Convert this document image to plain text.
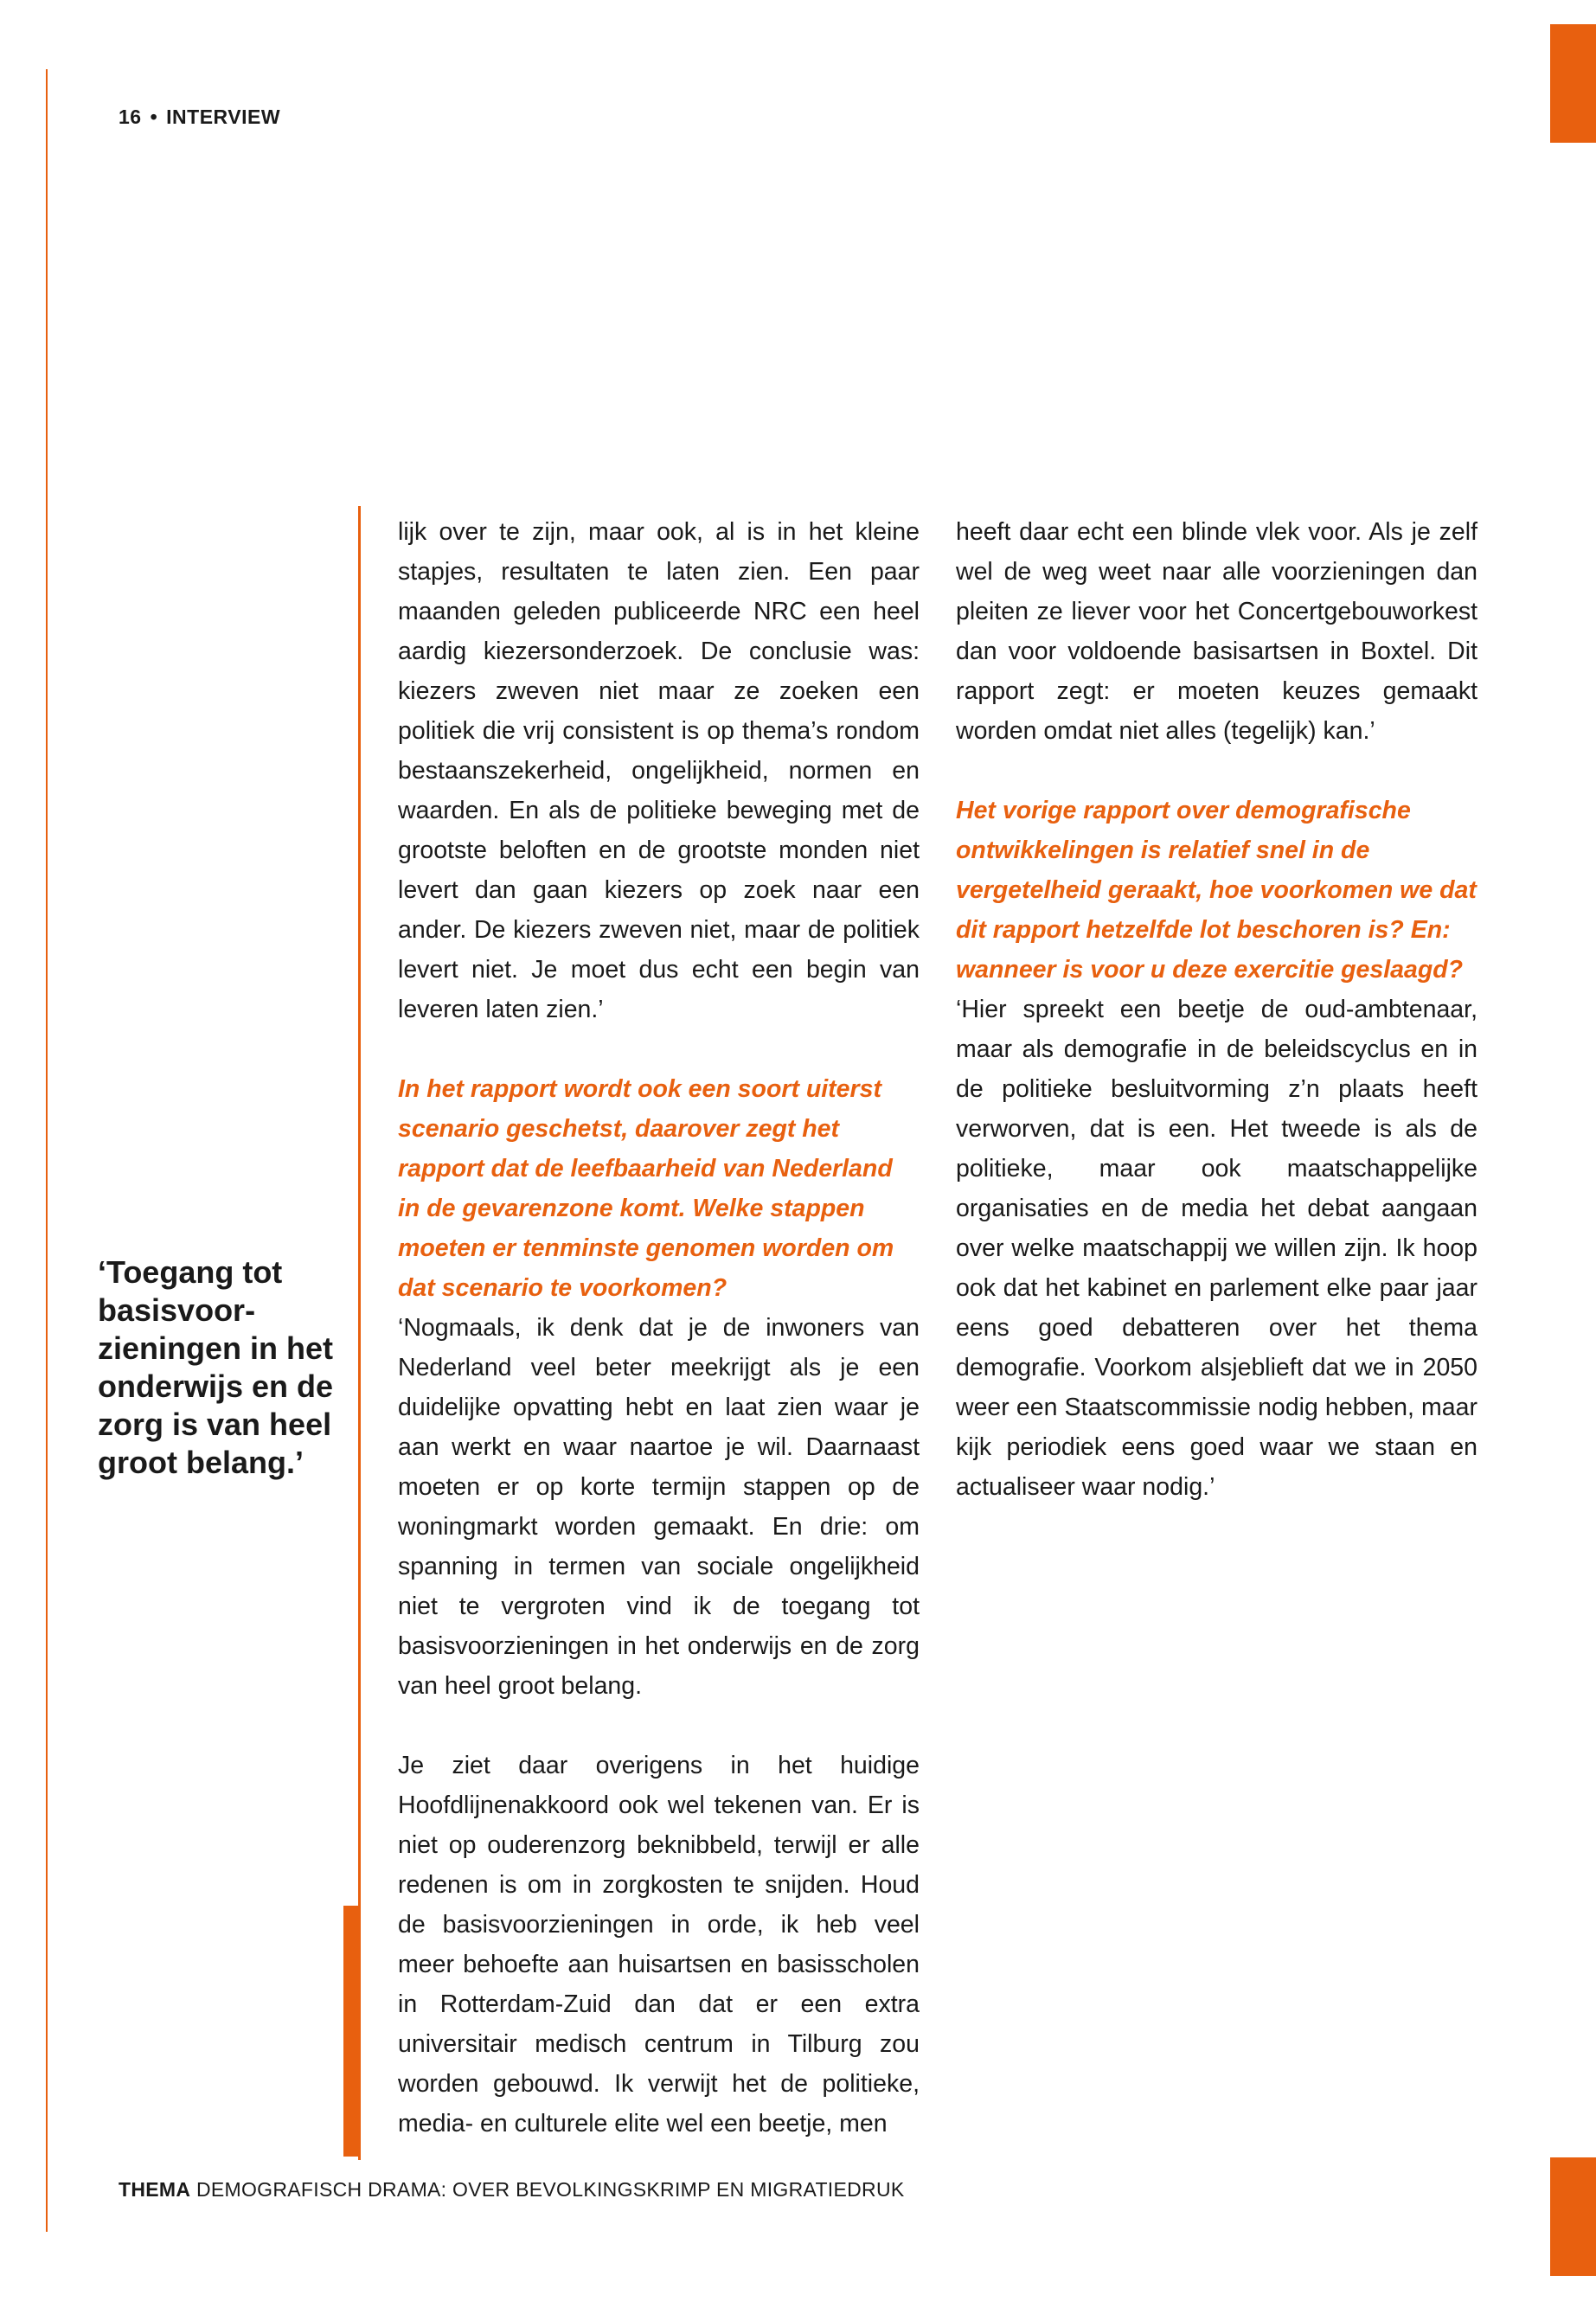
16 • INTERVIEW
‘Toegang tot basisvoor-zieningen in het onderwijs en de zorg is van heel groot belang.’

lijk over te zijn, maar ook, al is in het kleine stapjes, resultaten te laten zien. Een paar maanden geleden publiceerde NRC een heel aardig kiezersonderzoek. De conclusie was: kiezers zweven niet maar ze zoeken een politiek die vrij consistent is op thema’s rondom bestaanszekerheid, ongelijkheid, normen en waarden. En als de politieke beweging met de grootste beloften en de grootste monden niet levert dan gaan kiezers op zoek naar een ander. De kiezers zweven niet, maar de politiek levert niet. Je moet dus echt een begin van leveren laten zien.’

In het rapport wordt ook een soort uiterst scenario geschetst, daarover zegt het rapport dat de leefbaarheid van Nederland in de gevarenzone komt. Welke stappen moeten er tenminste genomen worden om dat scenario te voorkomen?

‘Nogmaals, ik denk dat je de inwoners van Nederland veel beter meekrijgt als je een duidelijke opvatting hebt en laat zien waar je aan werkt en waar naartoe je wil. Daarnaast moeten er op korte termijn stappen op de woningmarkt worden gemaakt. En drie: om spanning in termen van sociale ongelijkheid niet te vergroten vind ik de toegang tot basisvoorzieningen in het onderwijs en de zorg van heel groot belang.

Je ziet daar overigens in het huidige Hoofdlijnenakkoord ook wel tekenen van. Er is niet op ouderenzorg beknibbeld, terwijl er alle redenen is om in zorgkosten te snijden. Houd de basisvoorzieningen in orde, ik heb veel meer behoefte aan huisartsen en basisscholen in Rotterdam-Zuid dan dat er een extra universitair medisch centrum in Tilburg zou worden gebouwd. Ik verwijt het de politieke, media- en culturele elite wel een beetje, men

heeft daar echt een blinde vlek voor. Als je zelf wel de weg weet naar alle voorzieningen dan pleiten ze liever voor het Concertgebouworkest dan voor voldoende basisartsen in Boxtel. Dit rapport zegt: er moeten keuzes gemaakt worden omdat niet alles (tegelijk) kan.’

Het vorige rapport over demografische ontwikkelingen is relatief snel in de vergetelheid geraakt, hoe voorkomen we dat dit rapport hetzelfde lot beschoren is? En: wanneer is voor u deze exercitie geslaagd?

‘Hier spreekt een beetje de oud-ambtenaar, maar als demografie in de beleidscyclus en in de politieke besluitvorming z’n plaats heeft verworven, dat is een. Het tweede is als de politieke, maar ook maatschappelijke organisaties en de media het debat aangaan over welke maatschappij we willen zijn. Ik hoop ook dat het kabinet en parlement elke paar jaar eens goed debatteren over het thema demografie. Voorkom alsjeblieft dat we in 2050 weer een Staatscommissie nodig hebben, maar kijk periodiek eens goed waar we staan en actualiseer waar nodig.’

THEMA DEMOGRAFISCH DRAMA: OVER BEVOLKINGSKRIMP EN MIGRATIEDRUK
